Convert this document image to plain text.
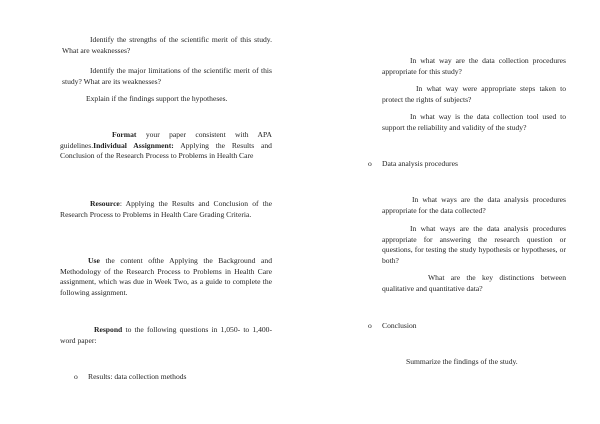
Identify the strengths of the scientific merit of this study. What are weaknesses?

Identify the major limitations of the scientific merit of this study? What are its weaknesses?

Explain if the findings support the hypotheses.

Format your paper consistent with APA guidelines.Individual Assignment: Applying the Results and Conclusion of the Research Process to Problems in Health Care

Resource: Applying the Results and Conclusion of the Research Process to Problems in Health Care Grading Criteria.

Use the content ofthe Applying the Background and Methodology of the Research Process to Problems in Health Care assignment, which was due in Week Two, as a guide to complete the following assignment.

Respond to the following questions in 1,050- to 1,400-word paper:

o Results: data collection methods

In what way are the data collection procedures appropriate for this study?

In what way were appropriate steps taken to protect the rights of subjects?

In what way is the data collection tool used to support the reliability and validity of the study?

o Data analysis procedures

In what ways are the data analysis procedures appropriate for the data collected?

In what ways are the data analysis procedures appropriate for answering the research question or questions, for testing the study hypothesis or hypotheses, or both?

What are the key distinctions between qualitative and quantitative data?

o Conclusion

Summarize the findings of the study.
